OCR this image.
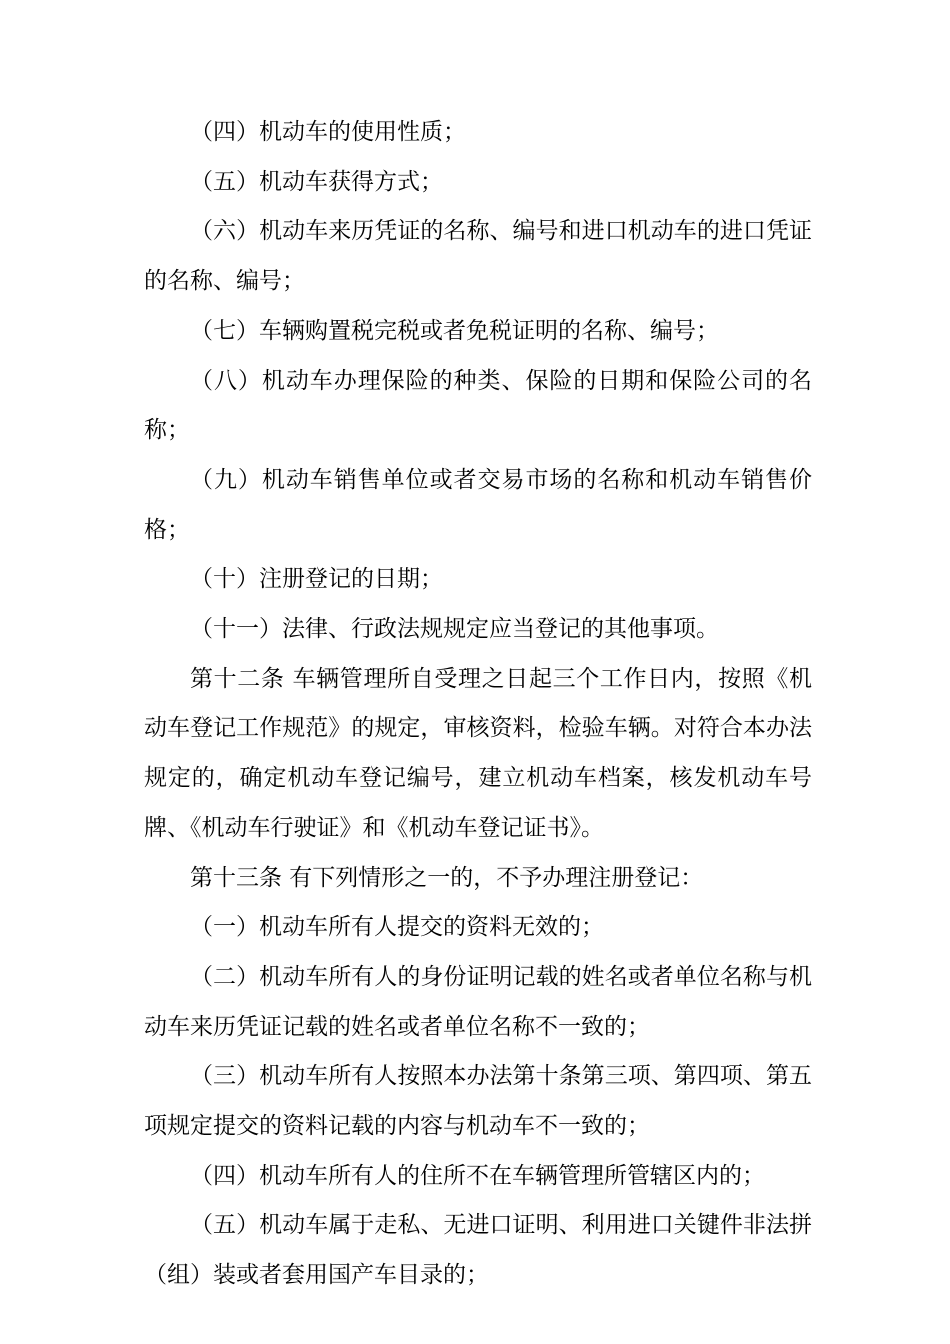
（四）机动车的使用性质；

（五）机动车获得方式；

（六）机动车来历凭证的名称、编号和进口机动车的进口凭证的名称、编号；

（七）车辆购置税完税或者免税证明的名称、编号；

（八）机动车办理保险的种类、保险的日期和保险公司的名称；

（九）机动车销售单位或者交易市场的名称和机动车销售价格；

（十）注册登记的日期；

（十一）法律、行政法规规定应当登记的其他事项。

第十二条 车辆管理所自受理之日起三个工作日内，按照《机动车登记工作规范》的规定，审核资料，检验车辆。对符合本办法规定的，确定机动车登记编号，建立机动车档案，核发机动车号牌、《机动车行驶证》和《机动车登记证书》。

第十三条 有下列情形之一的，不予办理注册登记：

（一）机动车所有人提交的资料无效的；

（二）机动车所有人的身份证明记载的姓名或者单位名称与机动车来历凭证记载的姓名或者单位名称不一致的；

（三）机动车所有人按照本办法第十条第三项、第四项、第五项规定提交的资料记载的内容与机动车不一致的；

（四）机动车所有人的住所不在车辆管理所管辖区内的；

（五）机动车属于走私、无进口证明、利用进口关键件非法拼（组）装或者套用国产车目录的；
